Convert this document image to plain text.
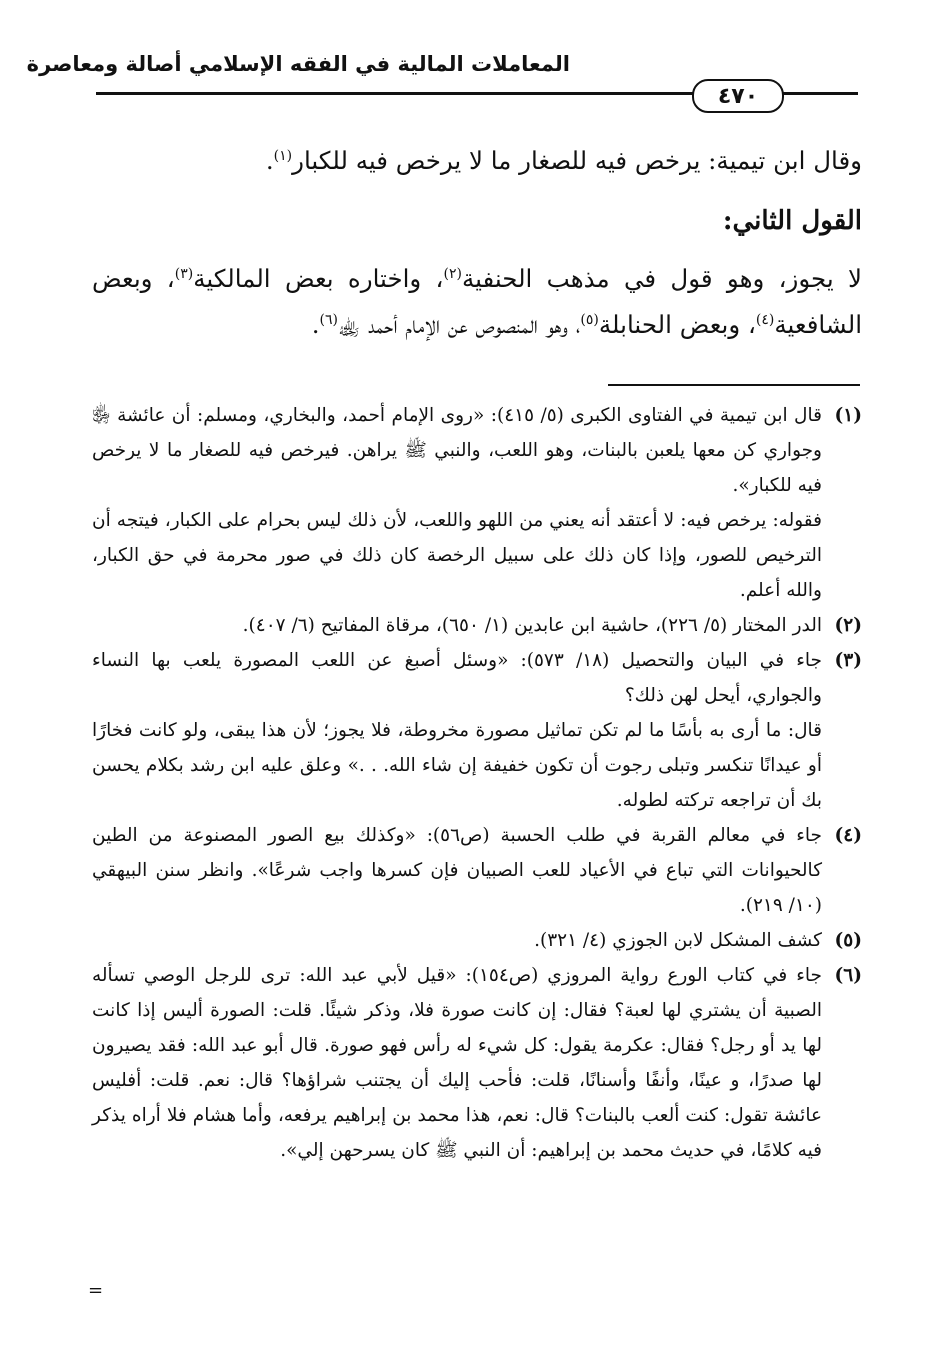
المعاملات المالية في الفقه الإسلامي أصالة ومعاصرة
٤٧٠

وقال ابن تيمية: يرخص فيه للصغار ما لا يرخص فيه للكبار$^{(١)}$.

القول الثاني:

لا يجوز، وهو قول في مذهب الحنفية$^{(٢)}$، واختاره بعض المالكية$^{(٣)}$، وبعض الشافعية$^{(٤)}$، وبعض الحنابلة$^{(٥)}$، وهو المنصوص عن الإمام أحمد ﵀$^{(٦)}$.

(١)

قال ابن تيمية في الفتاوى الكبرى (٥/ ٤١٥): «روى الإمام أحمد، والبخاري، ومسلم: أن عائشة ﵂ وجواري كن معها يلعبن بالبنات، وهو اللعب، والنبي ﷺ يراهن. فيرخص فيه للصغار ما لا يرخص فيه للكبار».

فقوله: يرخص فيه: لا أعتقد أنه يعني من اللهو واللعب، لأن ذلك ليس بحرام على الكبار، فيتجه أن الترخيص للصور، وإذا كان ذلك على سبيل الرخصة كان ذلك في صور محرمة في حق الكبار، والله أعلم.

(٢)

الدر المختار (٥/ ٢٢٦)، حاشية ابن عابدين (١/ ٦٥٠)، مرقاة المفاتيح (٦/ ٤٠٧).

(٣)

جاء في البيان والتحصيل (١٨/ ٥٧٣): «وسئل أصبغ عن اللعب المصورة يلعب بها النساء والجواري، أيحل لهن ذلك؟

قال: ما أرى به بأسًا ما لم تكن تماثيل مصورة مخروطة، فلا يجوز؛ لأن هذا يبقى، ولو كانت فخارًا أو عيدانًا تنكسر وتبلى رجوت أن تكون خفيفة إن شاء الله. . .» وعلق عليه ابن رشد بكلام يحسن بك أن تراجعه تركته لطوله.

(٤)

جاء في معالم القربة في طلب الحسبة (ص٥٦): «وكذلك بيع الصور المصنوعة من الطين كالحيوانات التي تباع في الأعياد للعب الصبيان فإن كسرها واجب شرعًا». وانظر سنن البيهقي (١٠/ ٢١٩).

(٥)

كشف المشكل لابن الجوزي (٤/ ٣٢١).

(٦)

جاء في كتاب الورع رواية المروزي (ص١٥٤): «قيل لأبي عبد الله: ترى للرجل الوصي تسأله الصبية أن يشتري لها لعبة؟ فقال: إن كانت صورة فلا، وذكر شيئًا. قلت: الصورة أليس إذا كانت لها يد أو رجل؟ فقال: عكرمة يقول: كل شيء له رأس فهو صورة. قال أبو عبد الله: فقد يصيرون لها صدرًا، و عينًا، وأنفًا وأسنانًا، قلت: فأحب إليك أن يجتنب شراؤها؟ قال: نعم. قلت: أفليس عائشة تقول: كنت ألعب بالبنات؟ قال: نعم، هذا محمد بن إبراهيم يرفعه، وأما هشام فلا أراه يذكر فيه كلامًا، في حديث محمد بن إبراهيم: أن النبي ﷺ كان يسرحهن إلي».

=
